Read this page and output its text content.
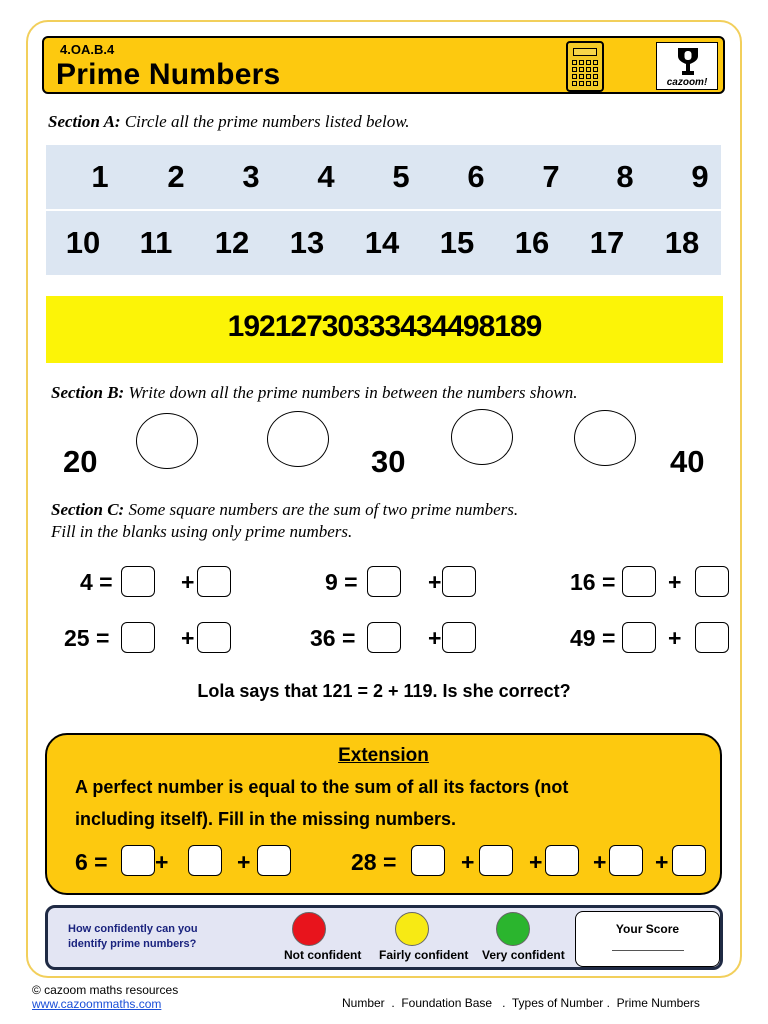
4.OA.B.4
Prime Numbers	cazoom!
Section A: Circle all the prime numbers listed below.
1 2 3 4 5 6 7 8 9
10 11 12 13 14 15 16 17 18
19212730333434498189
Section B: Write down all the prime numbers in between the numbers shown.
20	30	40
Section C: Some square numbers are the sum of two prime numbers.
Fill in the blanks using only prime numbers.
4 =	+	9 =	+	16 = +
25 =	+	36 =	+	49 = +
Lola says that 121 = 2 + 119. Is she correct?
Extension
A perfect number is equal to the sum of all its factors (not
including itself). Fill in the missing numbers.
6 = +	+	28 =	+ + + +
How confidently can you
identify prime numbers?
Not confident Fairly confident Very confident
Your Score
© cazoom maths resources
www.cazoommaths.com	Number  .  Foundation Base   .  Types of Number .  Prime Numbers
